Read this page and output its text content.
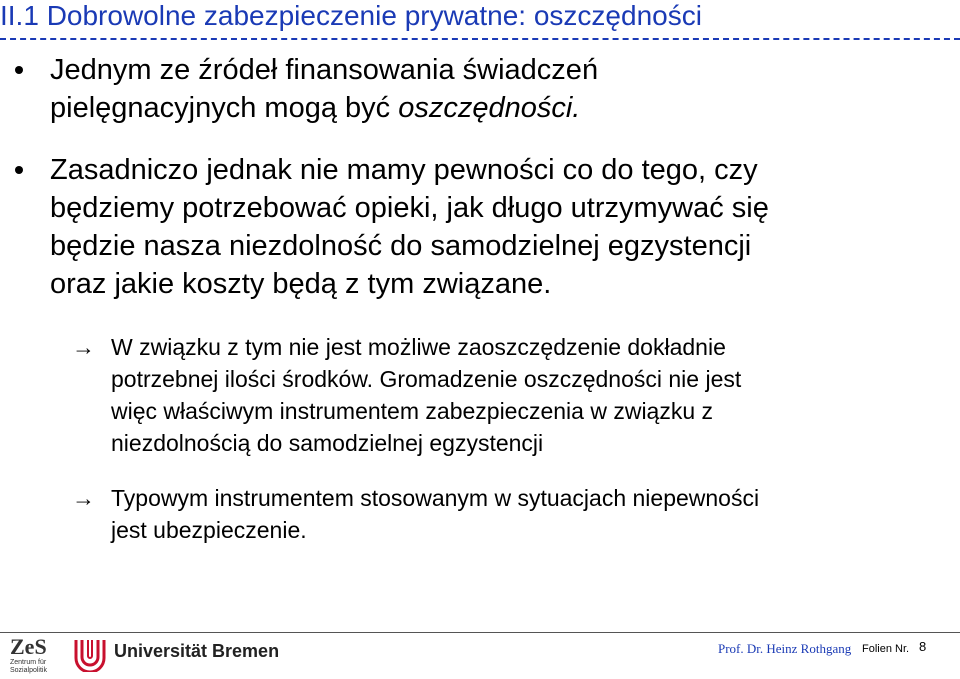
II.1 Dobrowolne zabezpieczenie prywatne: oszczędności
Jednym ze źródeł finansowania świadczeń
pielęgnacyjnych mogą być oszczędności.
Zasadniczo jednak nie mamy pewności co do tego, czy
będziemy potrzebować opieki, jak długo utrzymywać się
będzie nasza niezdolność do samodzielnej egzystencji
oraz jakie koszty będą z tym związane.
→ W związku z tym nie jest możliwe zaoszczędzenie dokładnie
potrzebnej ilości środków. Gromadzenie oszczędności nie jest
więc właściwym instrumentem zabezpieczenia w związku z
niezdolnością do samodzielnej egzystencji
→ Typowym instrumentem stosowanym w sytuacjach niepewności
jest ubezpieczenie.
ZeS
Zentrum für
Sozialpolitik
Universität Bremen	Prof. Dr. Heinz Rothgang Folien Nr. 8
